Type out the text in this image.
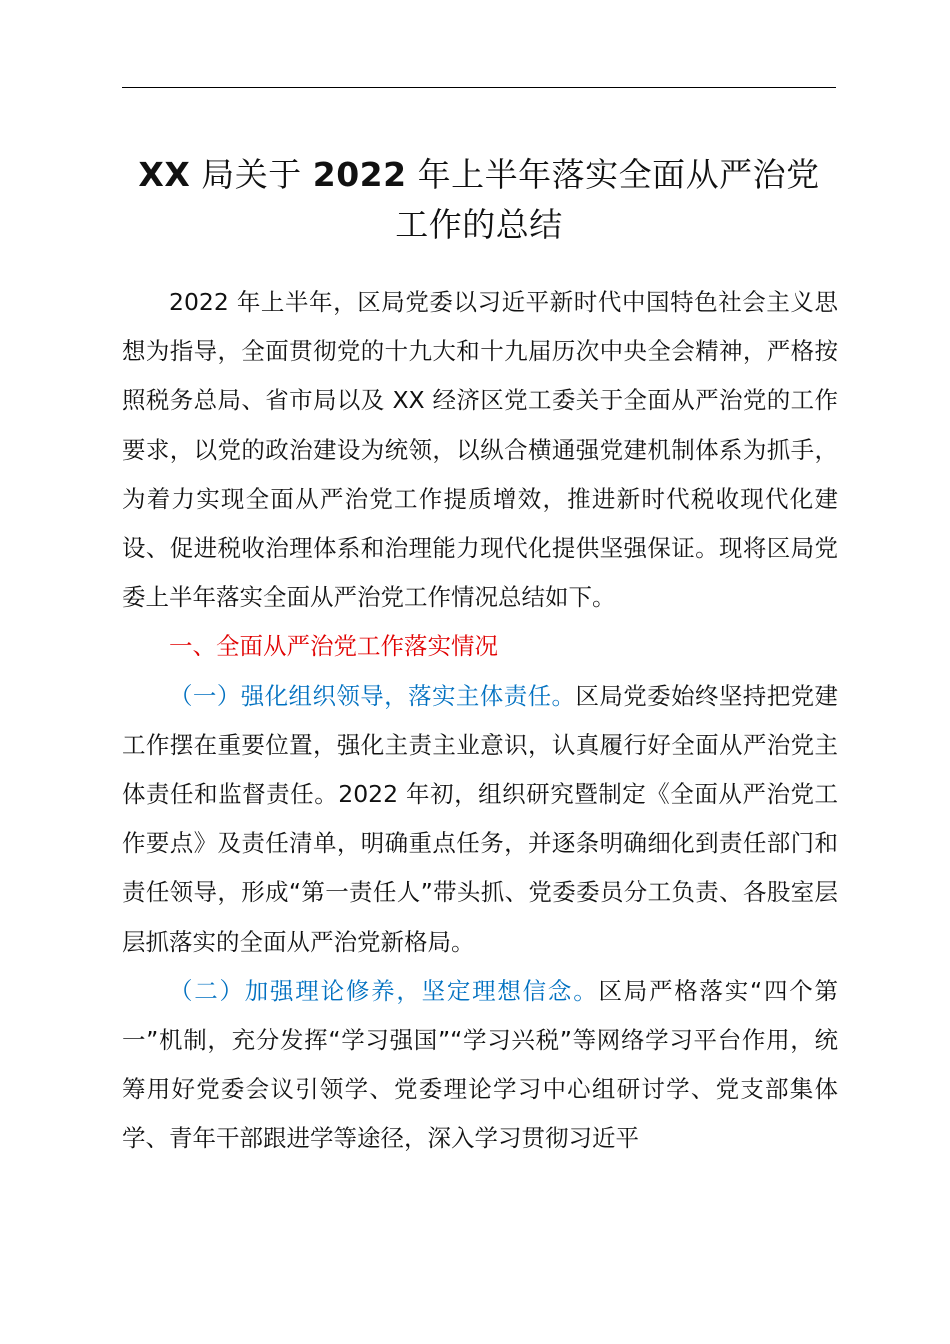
XX 局关于 2022 年上半年落实全面从严治党
工作的总结

2022 年上半年，区局党委以习近平新时代中国特色社会主义思想为指导，全面贯彻党的十九大和十九届历次中央全会精神，严格按照税务总局、省市局以及 XX 经济区党工委关于全面从严治党的工作要求，以党的政治建设为统领，以纵合横通强党建机制体系为抓手，为着力实现全面从严治党工作提质增效，推进新时代税收现代化建设、促进税收治理体系和治理能力现代化提供坚强保证。现将区局党委上半年落实全面从严治党工作情况总结如下。

一、全面从严治党工作落实情况

（一）强化组织领导，落实主体责任。区局党委始终坚持把党建工作摆在重要位置，强化主责主业意识，认真履行好全面从严治党主体责任和监督责任。2022 年初，组织研究暨制定《全面从严治党工作要点》及责任清单，明确重点任务，并逐条明确细化到责任部门和责任领导，形成“第一责任人”带头抓、党委委员分工负责、各股室层层抓落实的全面从严治党新格局。

（二）加强理论修养，坚定理想信念。区局严格落实“四个第一”机制，充分发挥“学习强国”“学习兴税”等网络学习平台作用，统筹用好党委会议引领学、党委理论学习中心组研讨学、党支部集体学、青年干部跟进学等途径，深入学习贯彻习近平
